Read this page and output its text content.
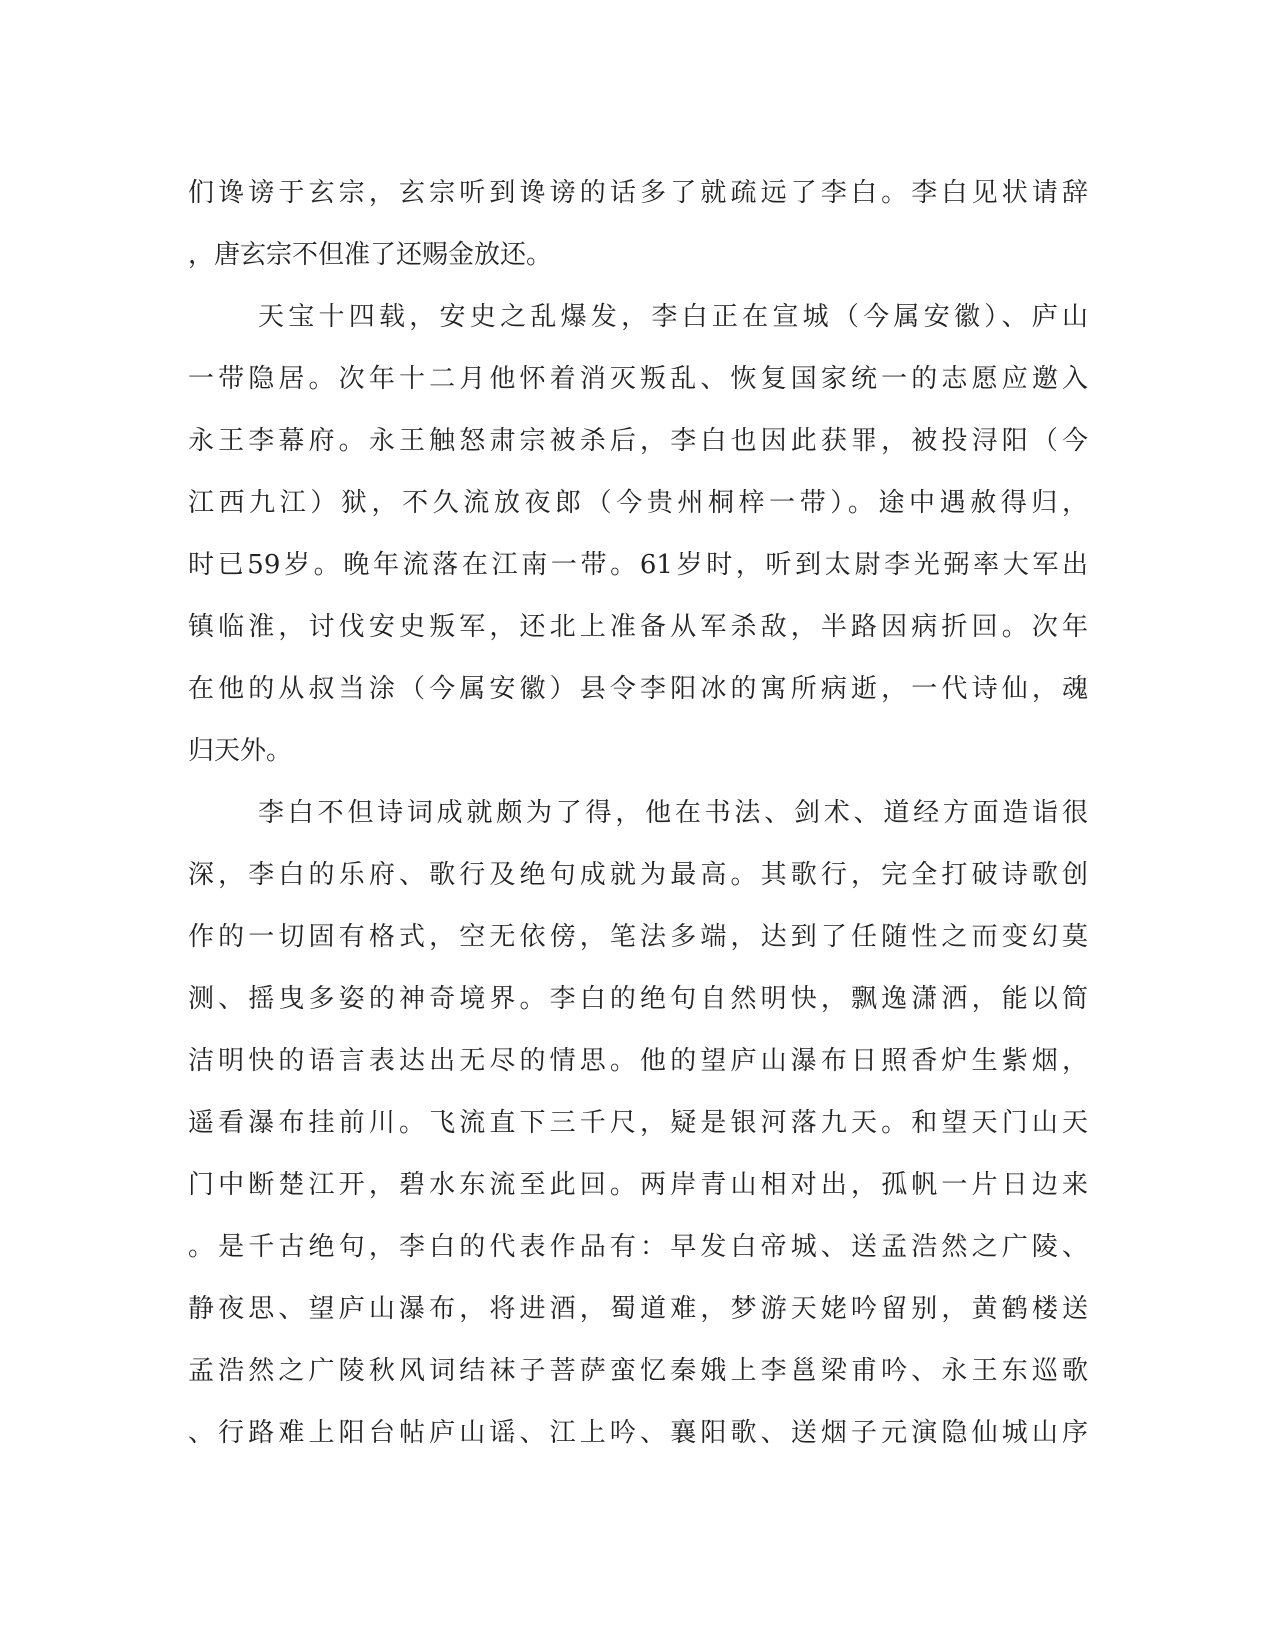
们谗谤于玄宗，玄宗听到谗谤的话多了就疏远了李白。李白见状请辞
，唐玄宗不但准了还赐金放还。
天宝十四载，安史之乱爆发，李白正在宣城（今属安徽）、庐山
一带隐居。次年十二月他怀着消灭叛乱、恢复国家统一的志愿应邀入
永王李幕府。永王触怒肃宗被杀后，李白也因此获罪，被投浔阳（今
江西九江）狱，不久流放夜郎（今贵州桐梓一带）。途中遇赦得归，
时已59岁。晚年流落在江南一带。61岁时，听到太尉李光弼率大军出
镇临淮，讨伐安史叛军，还北上准备从军杀敌，半路因病折回。次年
在他的从叔当涂（今属安徽）县令李阳冰的寓所病逝，一代诗仙，魂
归天外。
李白不但诗词成就颇为了得，他在书法、剑术、道经方面造诣很
深，李白的乐府、歌行及绝句成就为最高。其歌行，完全打破诗歌创
作的一切固有格式，空无依傍，笔法多端，达到了任随性之而变幻莫
测、摇曳多姿的神奇境界。李白的绝句自然明快，飘逸潇洒，能以简
洁明快的语言表达出无尽的情思。他的望庐山瀑布日照香炉生紫烟，
遥看瀑布挂前川。飞流直下三千尺，疑是银河落九天。和望天门山天
门中断楚江开，碧水东流至此回。两岸青山相对出，孤帆一片日边来
。是千古绝句，李白的代表作品有：早发白帝城、送孟浩然之广陵、
静夜思、望庐山瀑布，将进酒，蜀道难，梦游天姥吟留别，黄鹤楼送
孟浩然之广陵秋风词结袜子菩萨蛮忆秦娥上李邕梁甫吟、永王东巡歌
、行路难上阳台帖庐山谣、江上吟、襄阳歌、送烟子元演隐仙城山序
